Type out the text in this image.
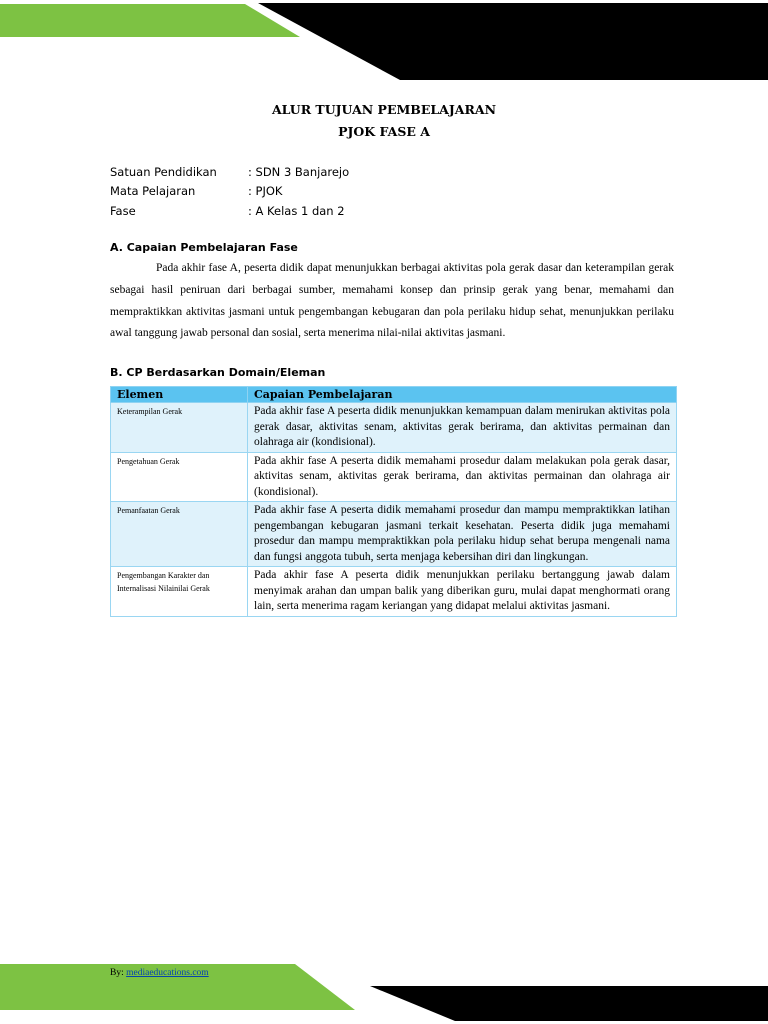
ALUR TUJUAN PEMBELAJARAN
PJOK FASE A
Satuan Pendidikan	: SDN 3 Banjarejo
Mata Pelajaran	: PJOK
Fase	: A Kelas 1 dan 2
A. Capaian Pembelajaran Fase

Pada akhir fase A, peserta didik dapat menunjukkan berbagai aktivitas pola gerak dasar dan keterampilan gerak sebagai hasil peniruan dari berbagai sumber, memahami konsep dan prinsip gerak yang benar, memahami dan mempraktikkan aktivitas jasmani untuk pengembangan kebugaran dan pola perilaku hidup sehat, menunjukkan perilaku awal tanggung jawab personal dan sosial, serta menerima nilai-nilai aktivitas jasmani.

B. CP Berdasarkan Domain/Eleman
Elemen	Capaian Pembelajaran
Keterampilan Gerak	Pada akhir fase A peserta didik menunjukkan kemampuan dalam menirukan aktivitas pola gerak dasar, aktivitas senam, aktivitas gerak berirama, dan aktivitas permainan dan olahraga air (kondisional).
Pengetahuan Gerak	Pada akhir fase A peserta didik memahami prosedur dalam melakukan pola gerak dasar, aktivitas senam, aktivitas gerak berirama, dan aktivitas permainan dan olahraga air (kondisional).
Pemanfaatan Gerak	Pada akhir fase A peserta didik memahami prosedur dan mampu mempraktikkan latihan pengembangan kebugaran jasmani terkait kesehatan. Peserta didik juga memahami prosedur dan mampu mempraktikkan pola perilaku hidup sehat berupa mengenali nama dan fungsi anggota tubuh, serta menjaga kebersihan diri dan lingkungan.
Pengembangan Karakter dan Internalisasi Nilainilai Gerak	Pada akhir fase A peserta didik menunjukkan perilaku bertanggung jawab dalam menyimak arahan dan umpan balik yang diberikan guru, mulai dapat menghormati orang lain, serta menerima ragam keriangan yang didapat melalui aktivitas jasmani.
By: mediaeducations.com
